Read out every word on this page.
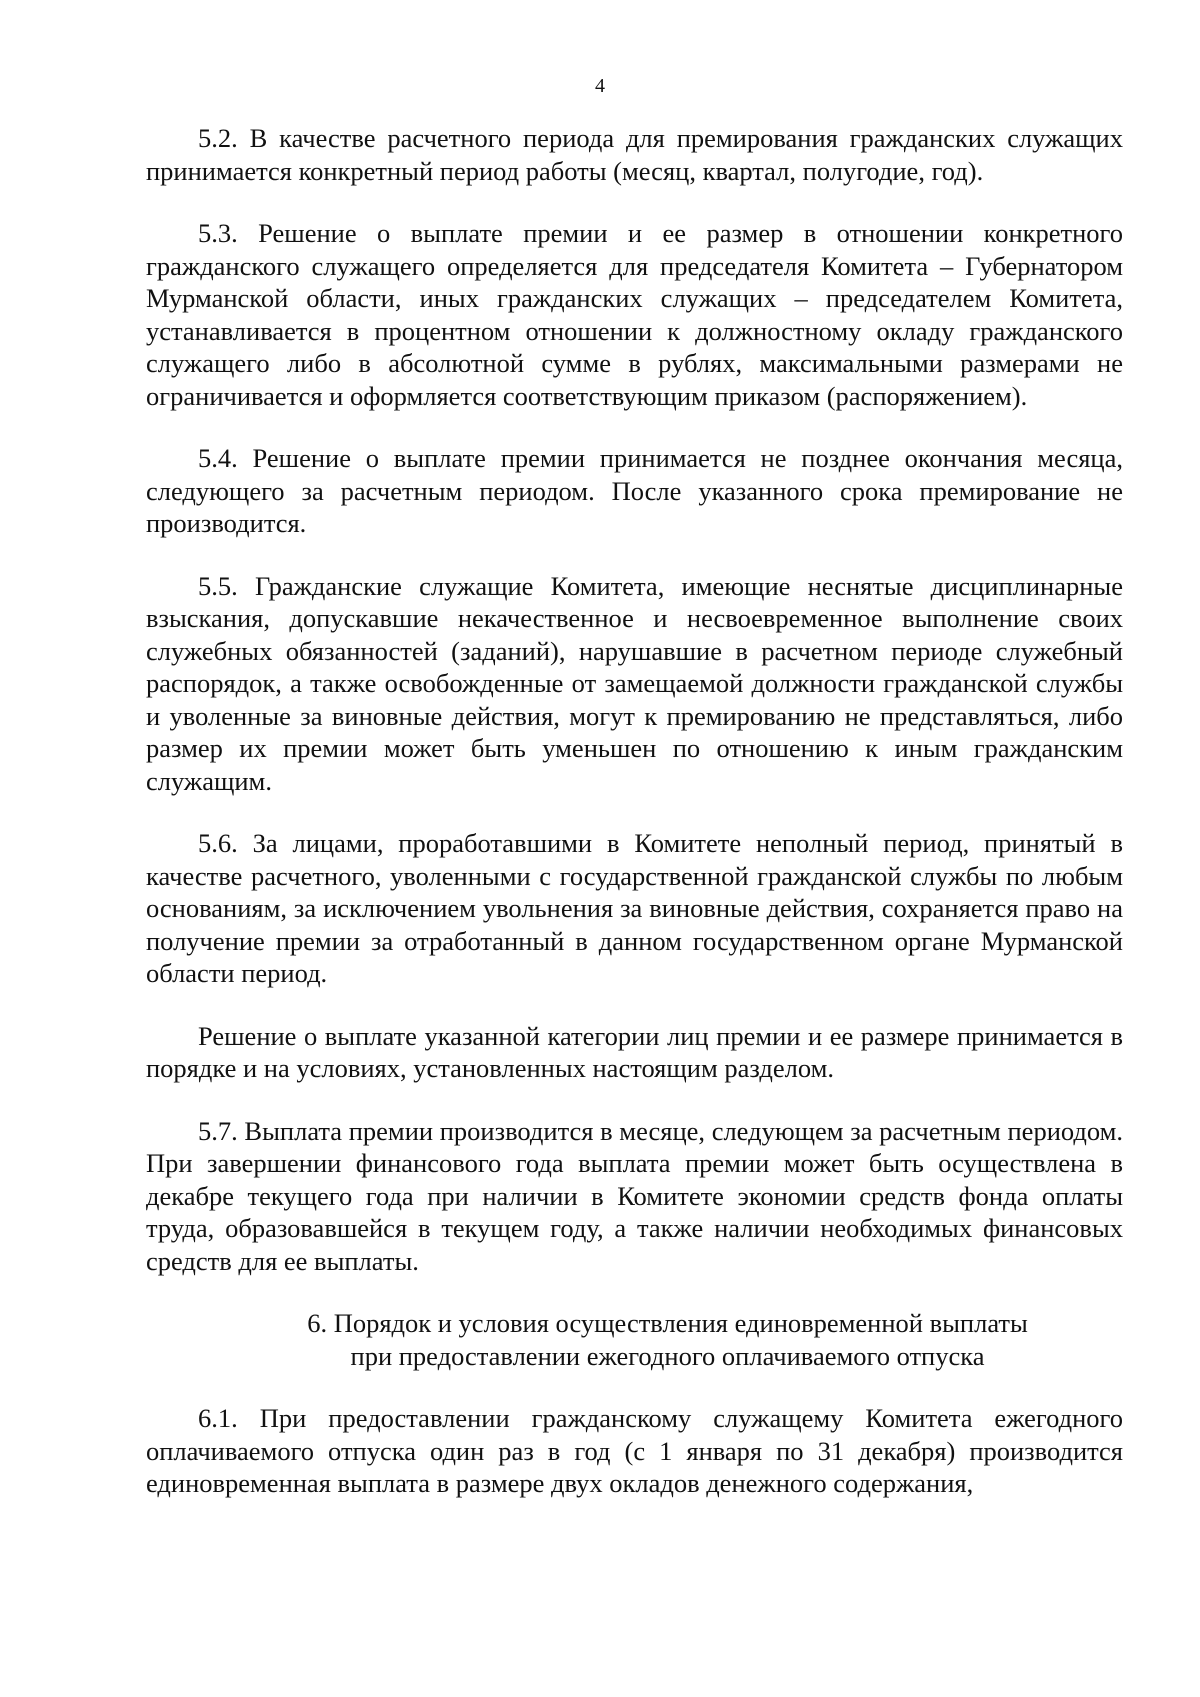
4

5.2. В качестве расчетного периода для премирования гражданских служащих принимается конкретный период работы (месяц, квартал, полугодие, год).

5.3. Решение о выплате премии и ее размер в отношении конкретного гражданского служащего определяется для председателя Комитета – Губернатором Мурманской области, иных гражданских служащих – председателем Комитета, устанавливается в процентном отношении к должностному окладу гражданского служащего либо в абсолютной сумме в рублях, максимальными размерами не ограничивается и оформляется соответствующим приказом (распоряжением).

5.4. Решение о выплате премии принимается не позднее окончания месяца, следующего за расчетным периодом. После указанного срока премирование не производится.

5.5. Гражданские служащие Комитета, имеющие неснятые дисциплинарные взыскания, допускавшие некачественное и несвоевременное выполнение своих служебных обязанностей (заданий), нарушавшие в расчетном периоде служебный распорядок, а также освобожденные от замещаемой должности гражданской службы и уволенные за виновные действия, могут к премированию не представляться, либо размер их премии может быть уменьшен по отношению к иным гражданским служащим.

5.6. За лицами, проработавшими в Комитете неполный период, принятый в качестве расчетного, уволенными с государственной гражданской службы по любым основаниям, за исключением увольнения за виновные действия, сохраняется право на получение премии за отработанный в данном государственном органе Мурманской области период.

Решение о выплате указанной категории лиц премии и ее размере принимается в порядке и на условиях, установленных настоящим разделом.

5.7. Выплата премии производится в месяце, следующем за расчетным периодом. При завершении финансового года выплата премии может быть осуществлена в декабре текущего года при наличии в Комитете экономии средств фонда оплаты труда, образовавшейся в текущем году, а также наличии необходимых финансовых средств для ее выплаты.

6. Порядок и условия осуществления единовременной выплаты
при предоставлении ежегодного оплачиваемого отпуска

6.1. При предоставлении гражданскому служащему Комитета ежегодного оплачиваемого отпуска один раз в год (с 1 января по 31 декабря) производится единовременная выплата в размере двух окладов денежного содержания,
